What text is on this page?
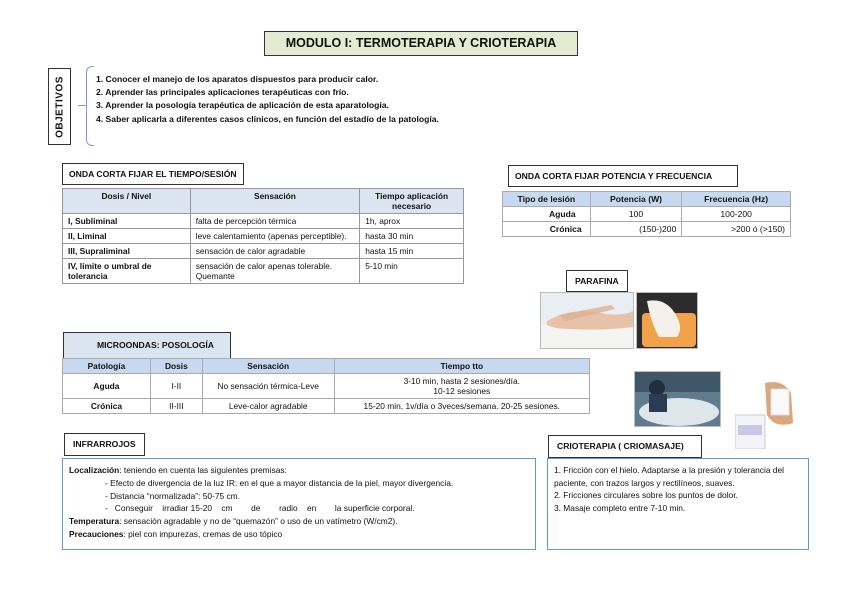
MODULO I: TERMOTERAPIA Y CRIOTERAPIA
OBJETIVOS	1. Conocer el manejo de los aparatos dispuestos para producir calor.
2. Aprender las principales aplicaciones terapéuticas con frío.
3. Aprender la posología terapéutica de aplicación de esta aparatología.
4. Saber aplicarla a diferentes casos clínicos, en función del estadío de la patología.
ONDA CORTA FIJAR EL TIEMPO/SESIÓN
Dosis / Nivel	Sensación	Tiempo aplicación necesario
I, Subliminal	falta de percepción térmica	1h, aprox
II, Liminal	leve calentamiento (apenas perceptible).	hasta 30 min
III, Supraliminal	sensación de calor agradable	hasta 15 min
IV, límite o umbral de tolerancia	sensación de calor apenas tolerable. Quemante	5-10 min
ONDA CORTA FIJAR POTENCIA Y FRECUENCIA
Tipo de lesión	Potencia (W)	Frecuencia (Hz)
Aguda	100	100-200
Crónica	(150-)200	>200 ó (>150)
PARAFINA
MICROONDAS: POSOLOGÍA
Patología	Dosis	Sensación	Tiempo tto
Aguda	I-II	No sensación térmica-Leve	3-10 min, hasta 2 sesiones/día.
10-12 sesiones

Crónica	II-III	Leve-calor agradable	15-20 min, 1v/día o 3veces/semana. 20-25 sesiones.
INFRARROJOS
Localización: teniendo en cuenta las siguientes premisas:
- Efecto de divergencia de la luz IR: en el que a mayor distancia de la piel, mayor divergencia.
- Distancia “normalizada”: 50-75 cm.
-   Conseguir    irradiar 15-20    cm        de        radio    en        la superficie corporal.
Temperatura: sensación agradable y no de “quemazón” o uso de un vatímetro (W/cm2).
Precauciones: piel con impurezas, cremas de uso tópico
CRIOTERAPIA ( CRIOMASAJE)
1. Fricción con el hielo. Adaptarse a la presión y tolerancia del paciente, con trazos largos y rectilíneos, suaves.
2. Fricciones circulares sobre los puntos de dolor.
3. Masaje completo entre 7-10 min.
